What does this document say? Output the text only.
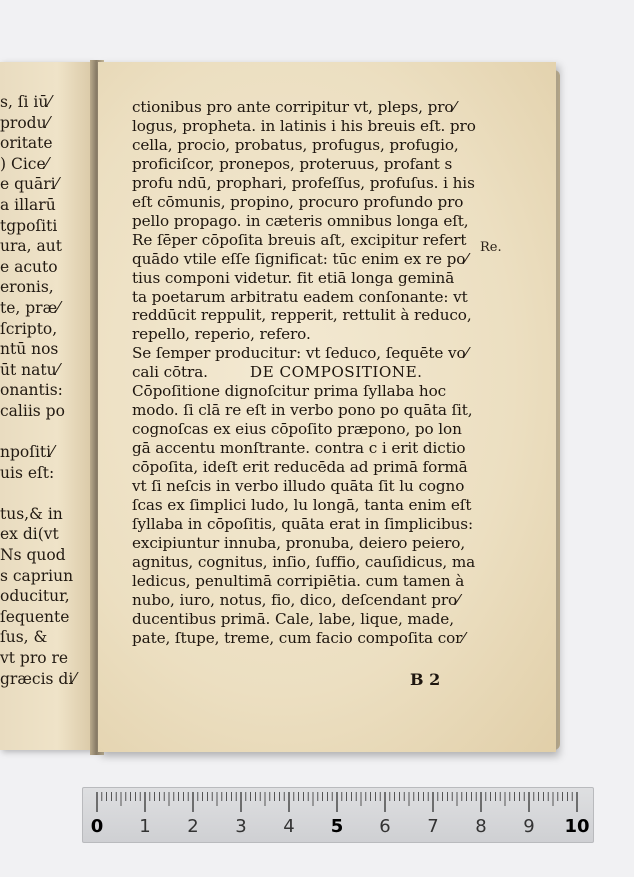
s, ſi iū⁄
produ⁄
oritate
) Cice⁄
e quāri⁄
a illarū
tgpoſiti
ura, aut
e acuto
eronis,
te, præ⁄
ſcripto,
ntū nos
ūt natu⁄
onantis:
caliis po

npoſiti⁄
uis eſt:

tus,& in
ex di(vt
Ns quod
s capriun
oducitur,
ſequente
ſus, &
vt pro re
græcis di⁄
ctionibus pro ante corripitur vt, pleps, pro⁄
logus, propheta. in latinis i his breuis eſt. pro
cella, procio, probatus, profugus, profugio,
proficiſcor, pronepos, proteruus, profant s
profu ndū, prophari, profeſſus, profuſus. i his
eſt cōmunis, propino, procuro profundo pro
pello propago. in cæteris omnibus longa eſt,
Re ſēper cōpoſita breuis aſt, excipitur refert
quādo vtile eſſe ſignificat: tūc enim ex re po⁄
tius componi videtur. fit etiā longa geminā
ta poetarum arbitratu eadem conſonante: vt
reddūcit reppulit, repperit, rettulit à reduco,
repello, reperio, refero.
Se ſemper producitur: vt ſeduco, ſequēte vo⁄
cali cōtra.	DE COMPOSITIONE.
Cōpoſitione dignoſcitur prima ſyllaba hoc
modo. ſi clā re eſt in verbo pono po quāta ſit,
cognoſcas ex eius cōpoſito præpono, po lon
gā accentu monſtrante. contra c i erit dictio
cōpoſita, ideſt erit reducēda ad primā formā
vt ſi neſcis in verbo illudo quāta ſit lu cogno
ſcas ex ſimplici ludo, lu longā, tanta enim eſt
ſyllaba in cōpoſitis, quāta erat in ſimplicibus:
excipiuntur innuba, pronuba, deiero peiero,
agnitus, cognitus, inſio, ſuffio, cauſidicus, ma
ledicus, penultimā corripiētia. cum tamen à
nubo, iuro, notus, fio, dico, deſcendant pro⁄
ducentibus primā. Cale, labe, lique, made,
pate, ſtupe, treme, cum facio compoſita cor⁄
Re.
B 2
0 1 2 3 4 5 6 7 8 9 10
